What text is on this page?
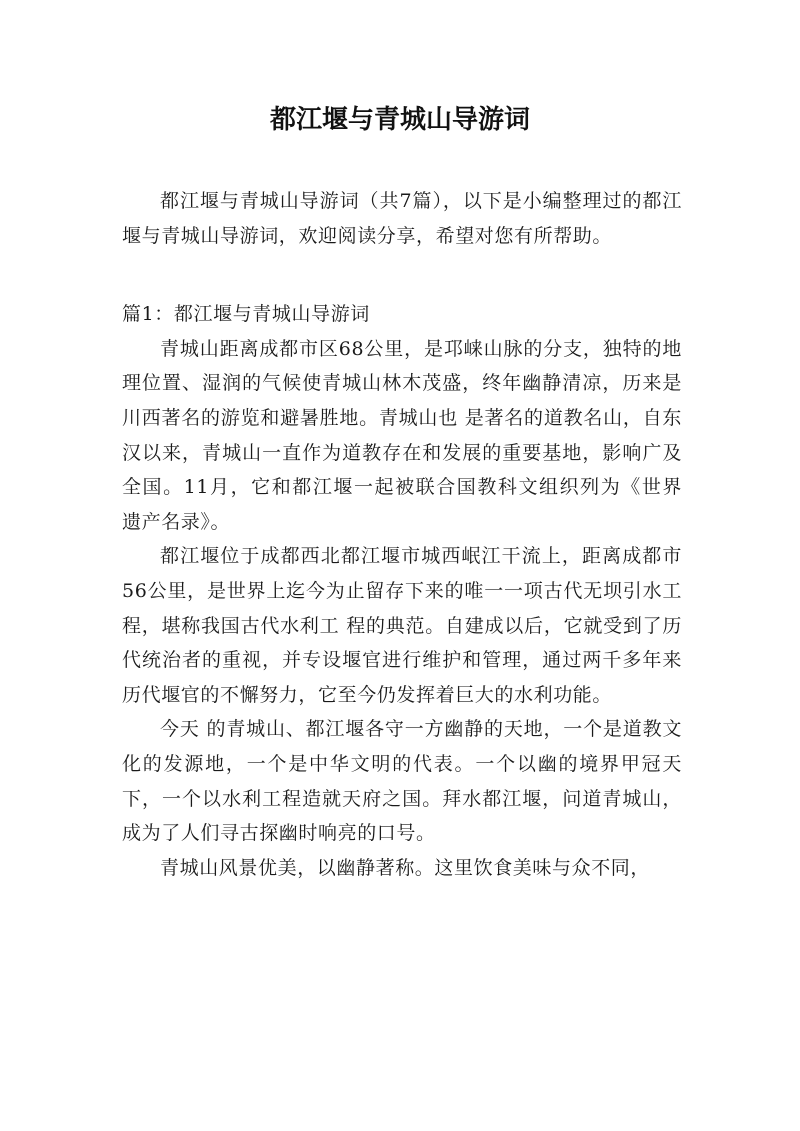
都江堰与青城山导游词

都江堰与青城山导游词（共7篇），以下是小编整理过的都江堰与青城山导游词，欢迎阅读分享，希望对您有所帮助。

篇1：都江堰与青城山导游词

青城山距离成都市区68公里，是邛崃山脉的分支，独特的地理位置、湿润的气候使青城山林木茂盛，终年幽静清凉，历来是川西著名的游览和避暑胜地。青城山也 是著名的道教名山，自东汉以来，青城山一直作为道教存在和发展的重要基地，影响广及全国。11月，它和都江堰一起被联合国教科文组织列为《世界 遗产名录》。

都江堰位于成都西北都江堰市城西岷江干流上，距离成都市56公里，是世界上迄今为止留存下来的唯一一项古代无坝引水工程，堪称我国古代水利工 程的典范。自建成以后，它就受到了历代统治者的重视，并专设堰官进行维护和管理，通过两千多年来历代堰官的不懈努力，它至今仍发挥着巨大的水利功能。

今天 的青城山、都江堰各守一方幽静的天地，一个是道教文化的发源地，一个是中华文明的代表。一个以幽的境界甲冠天下，一个以水利工程造就天府之国。拜水都江堰，问道青城山，成为了人们寻古探幽时响亮的口号。

青城山风景优美，以幽静著称。这里饮食美味与众不同，
